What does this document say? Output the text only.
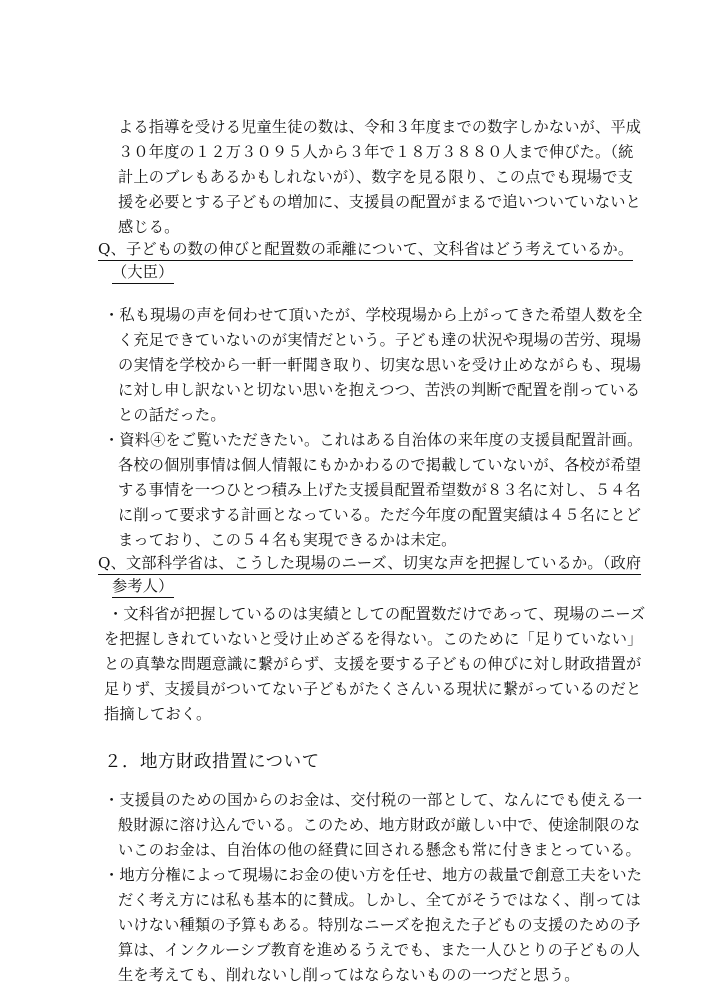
よる指導を受ける児童生徒の数は、令和３年度までの数字しかないが、平成
３０年度の１２万３０９５人から３年で１８万３８８０人まで伸びた。（統
計上のブレもあるかもしれないが）、数字を見る限り、この点でも現場で支
援を必要とする子どもの増加に、支援員の配置がまるで追いついていないと
感じる。
Q、子どもの数の伸びと配置数の乖離について、文科省はどう考えているか。
（大臣）
・私も現場の声を伺わせて頂いたが、学校現場から上がってきた希望人数を全
く充足できていないのが実情だという。子ども達の状況や現場の苦労、現場
の実情を学校から一軒一軒聞き取り、切実な思いを受け止めながらも、現場
に対し申し訳ないと切ない思いを抱えつつ、苦渋の判断で配置を削っている
との話だった。
・資料④をご覧いただきたい。これはある自治体の来年度の支援員配置計画。
各校の個別事情は個人情報にもかかわるので掲載していないが、各校が希望
する事情を一つひとつ積み上げた支援員配置希望数が８３名に対し、５４名
に削って要求する計画となっている。ただ今年度の配置実績は４５名にとど
まっており、この５４名も実現できるかは未定。
Q、文部科学省は、こうした現場のニーズ、切実な声を把握しているか。（政府
参考人）
・文科省が把握しているのは実績としての配置数だけであって、現場のニーズ
を把握しきれていないと受け止めざるを得ない。このために「足りていない」
との真摯な問題意識に繋がらず、支援を要する子どもの伸びに対し財政措置が
足りず、支援員がついてない子どもがたくさんいる現状に繋がっているのだと
指摘しておく。
２．地方財政措置について
・支援員のための国からのお金は、交付税の一部として、なんにでも使える一
般財源に溶け込んでいる。このため、地方財政が厳しい中で、使途制限のな
いこのお金は、自治体の他の経費に回される懸念も常に付きまとっている。
・地方分権によって現場にお金の使い方を任せ、地方の裁量で創意工夫をいた
だく考え方には私も基本的に賛成。しかし、全てがそうではなく、削っては
いけない種類の予算もある。特別なニーズを抱えた子どもの支援のための予
算は、インクルーシブ教育を進めるうえでも、また一人ひとりの子どもの人
生を考えても、削れないし削ってはならないものの一つだと思う。
